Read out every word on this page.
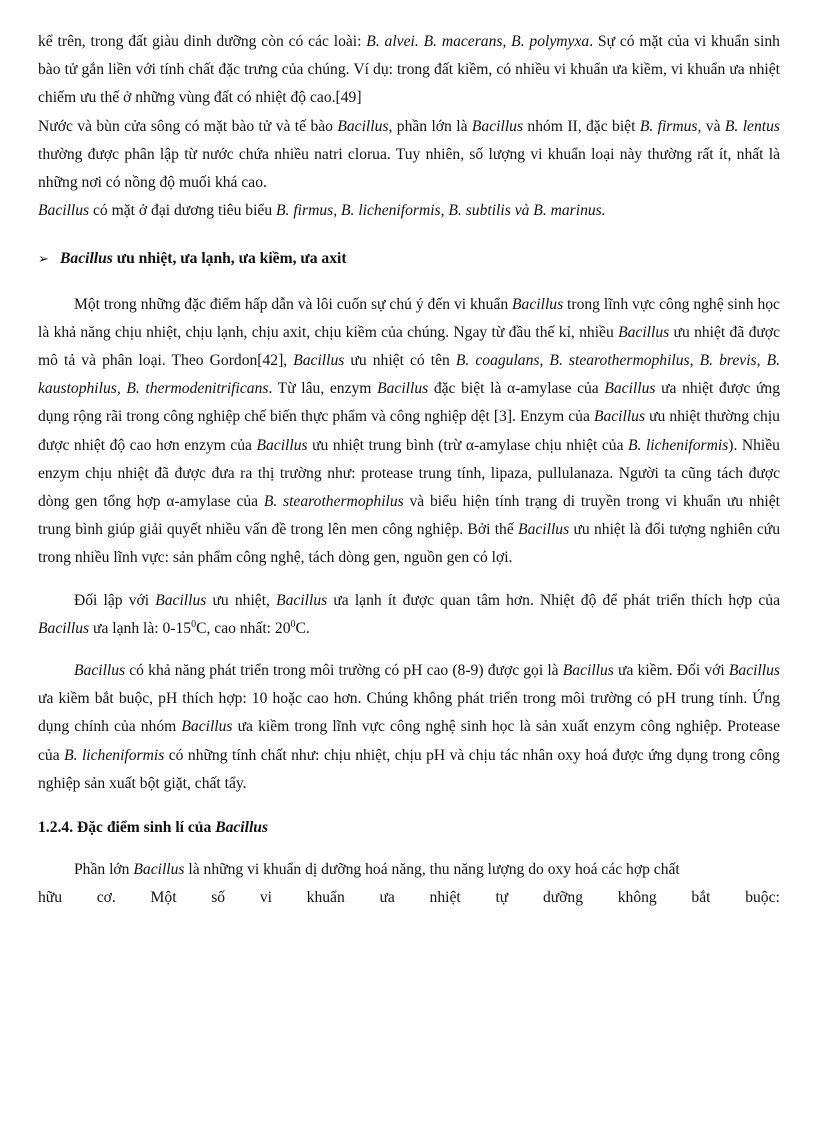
kể trên, trong đất giàu dinh dưỡng còn có các loài: B. alvei. B. macerans, B. polymyxa. Sự có mặt của vi khuẩn sinh bào tử gắn liền với tính chất đặc trưng của chúng. Ví dụ: trong đất kiềm, có nhiều vi khuẩn ưa kiềm, vi khuẩn ưa nhiệt chiếm ưu thế ở những vùng đất có nhiệt độ cao.[49]

Nước và bùn cửa sông có mặt bào tử và tế bào Bacillus, phần lớn là Bacillus nhóm II, đặc biệt B. firmus, và B. lentus thường được phân lập từ nước chứa nhiều natri clorua. Tuy nhiên, số lượng vi khuẩn loại này thường rất ít, nhất là những nơi có nồng độ muối khá cao.

Bacillus có mặt ở đại dương tiêu biểu B. firmus, B. licheniformis, B. subtilis và B. marinus.

➢ Bacillus ưu nhiệt, ưa lạnh, ưa kiềm, ưa axit

Một trong những đặc điểm hấp dẫn và lôi cuốn sự chú ý đến vi khuẩn Bacillus trong lĩnh vực công nghệ sinh học là khả năng chịu nhiệt, chịu lạnh, chịu axit, chịu kiềm của chúng. Ngay từ đầu thế kỉ, nhiều Bacillus ưu nhiệt đã được mô tả và phân loại. Theo Gordon[42], Bacillus ưu nhiệt có tên B. coagulans, B. stearothermophilus, B. brevis, B. kaustophilus, B. thermodenitrificans. Từ lâu, enzym Bacillus đặc biệt là α-amylase của Bacillus ưa nhiệt được ứng dụng rộng rãi trong công nghiệp chế biến thực phẩm và công nghiệp dệt [3]. Enzym của Bacillus ưu nhiệt thường chịu được nhiệt độ cao hơn enzym của Bacillus ưu nhiệt trung bình (trừ α-amylase chịu nhiệt của B. licheniformis). Nhiều enzym chịu nhiệt đã được đưa ra thị trường như: protease trung tính, lipaza, pullulanaza. Người ta cũng tách được dòng gen tổng hợp α-amylase của B. stearothermophilus và biểu hiện tính trạng di truyền trong vi khuẩn ưu nhiệt trung bình giúp giải quyết nhiều vấn đề trong lên men công nghiệp. Bởi thế Bacillus ưu nhiệt là đối tượng nghiên cứu trong nhiều lĩnh vực: sản phẩm công nghệ, tách dòng gen, nguồn gen có lợi.

Đối lập với Bacillus ưu nhiệt, Bacillus ưa lạnh ít được quan tâm hơn. Nhiệt độ để phát triển thích hợp của Bacillus ưa lạnh là: $0-15^0C$, cao nhất: $20^0C$.

Bacillus có khả năng phát triển trong môi trường có pH cao (8-9) được gọi là Bacillus ưa kiềm. Đối với Bacillus ưa kiềm bắt buộc, pH thích hợp: 10 hoặc cao hơn. Chúng không phát triển trong môi trường có pH trung tính. Ứng dụng chính của nhóm Bacillus ưa kiềm trong lĩnh vực công nghệ sinh học là sản xuất enzym công nghiệp. Protease của B. licheniformis có những tính chất như: chịu nhiệt, chịu pH và chịu tác nhân oxy hoá được ứng dụng trong công nghiệp sản xuất bột giặt, chất tẩy.

1.2.4. Đặc điểm sinh lí của Bacillus

Phần lớn Bacillus là những vi khuẩn dị dưỡng hoá năng, thu năng lượng do oxy hoá các hợp chất

hữu cơ. Một số vi khuẩn ưa nhiệt tự dưỡng không bắt buộc:
